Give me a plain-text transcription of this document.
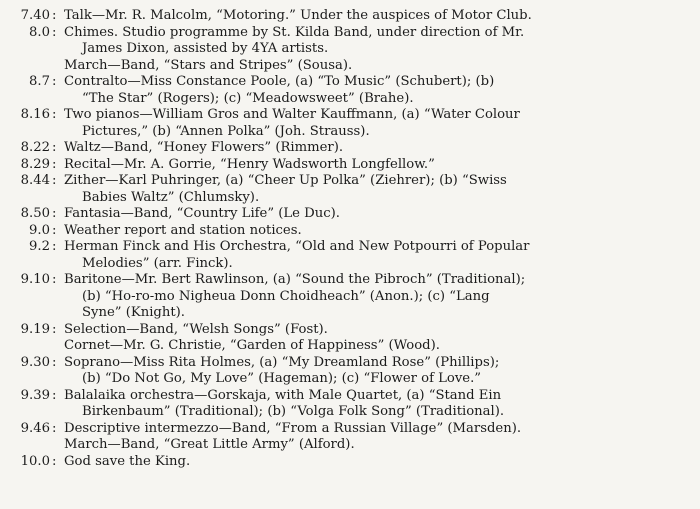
7.40 : Talk—Mr. R. Malcolm, “Motoring.” Under the auspices of Motor Club.
8.0 : Chimes. Studio programme by St. Kilda Band, under direction of Mr.
James Dixon, assisted by 4YA artists.
March—Band, “Stars and Stripes” (Sousa).
8.7 : Contralto—Miss Constance Poole, (a) “To Music” (Schubert); (b)
“The Star” (Rogers); (c) “Meadowsweet” (Brahe).
8.16 : Two pianos—William Gros and Walter Kauffmann, (a) “Water Colour
Pictures,” (b) “Annen Polka” (Joh. Strauss).
8.22 : Waltz—Band, “Honey Flowers” (Rimmer).
8.29 : Recital—Mr. A. Gorrie, “Henry Wadsworth Longfellow.”
8.44 : Zither—Karl Puhringer, (a) “Cheer Up Polka” (Ziehrer); (b) “Swiss
Babies Waltz” (Chlumsky).
8.50 : Fantasia—Band, “Country Life” (Le Duc).
9.0 : Weather report and station notices.
9.2 : Herman Finck and His Orchestra, “Old and New Potpourri of Popular
Melodies” (arr. Finck).
9.10 : Baritone—Mr. Bert Rawlinson, (a) “Sound the Pibroch” (Traditional);
(b) “Ho-ro-mo Nigheua Donn Choidheach” (Anon.); (c) “Lang
Syne” (Knight).
9.19 : Selection—Band, “Welsh Songs” (Fost).
Cornet—Mr. G. Christie, “Garden of Happiness” (Wood).
9.30 : Soprano—Miss Rita Holmes, (a) “My Dreamland Rose” (Phillips);
(b) “Do Not Go, My Love” (Hageman); (c) “Flower of Love.”
9.39 : Balalaika orchestra—Gorskaja, with Male Quartet, (a) “Stand Ein
Birkenbaum” (Traditional); (b) “Volga Folk Song” (Traditional).
9.46 : Descriptive intermezzo—Band, “From a Russian Village” (Marsden).
March—Band, “Great Little Army” (Alford).
10.0 : God save the King.
